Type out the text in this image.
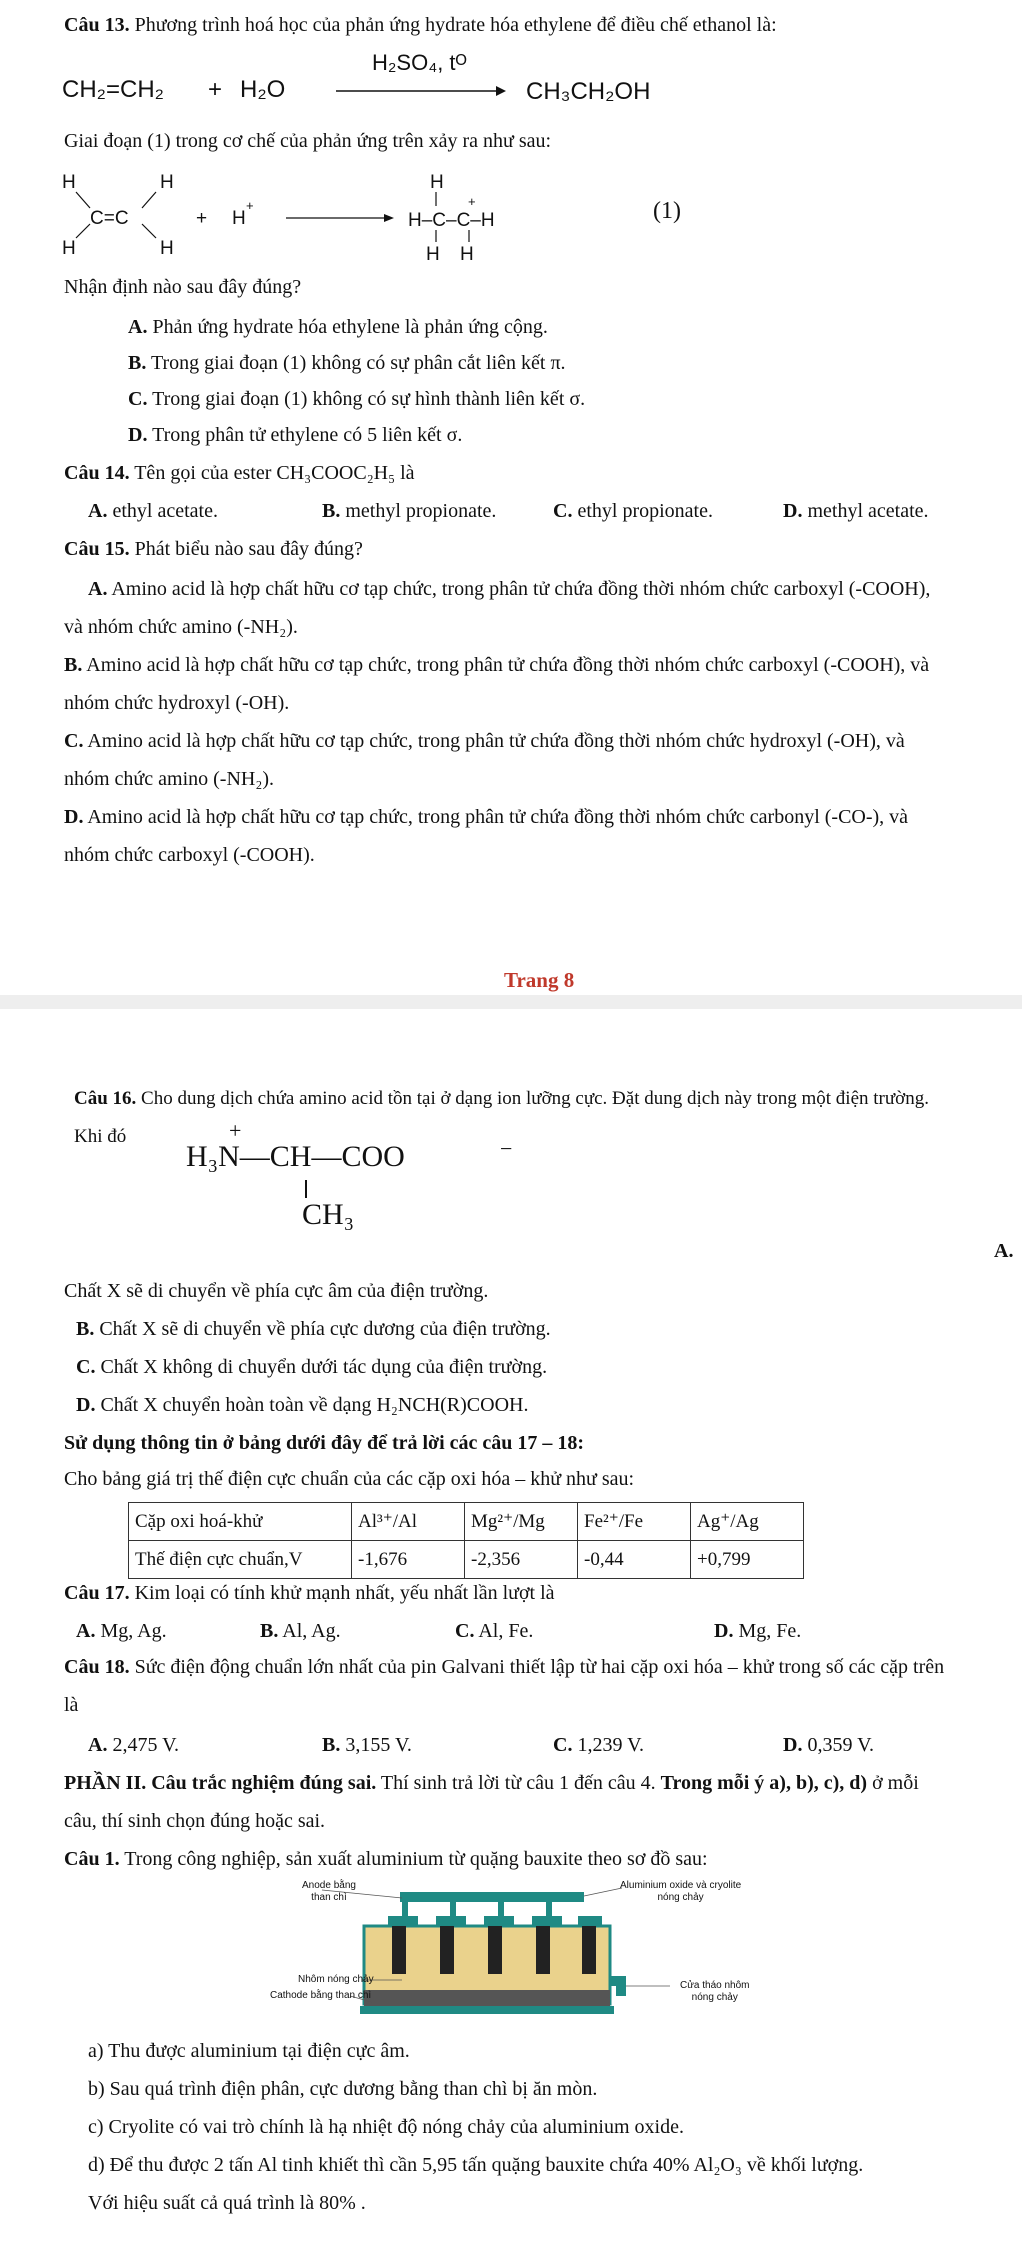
Câu 13. Phương trình hoá học của phản ứng hydrate hóa ethylene để điều chế ethanol là:
CH₂=CH₂ + H₂O
H₂SO₄, tᴼ
CH₃CH₂OH
Giai đoạn (1) trong cơ chế của phản ứng trên xảy ra như sau:
H
H
H
H
C=C	+ H
+
H–C–C–H
H
+
H H
(1)
Nhận định nào sau đây đúng?
A. Phản ứng hydrate hóa ethylene là phản ứng cộng.
B. Trong giai đoạn (1) không có sự phân cắt liên kết π.
C. Trong giai đoạn (1) không có sự hình thành liên kết σ.
D. Trong phân tử ethylene có 5 liên kết σ.
Câu 14. Tên gọi của ester CH₃COOC₂H₅ là
A. ethyl acetate.	B. methyl propionate.	C. ethyl propionate.	D. methyl acetate.
Câu 15. Phát biểu nào sau đây đúng?
A. Amino acid là hợp chất hữu cơ tạp chức, trong phân tử chứa đồng thời nhóm chức carboxyl (-COOH),
và nhóm chức amino (-NH₂).
B. Amino acid là hợp chất hữu cơ tạp chức, trong phân tử chứa đồng thời nhóm chức carboxyl (-COOH), và
nhóm chức hydroxyl (-OH).
C. Amino acid là hợp chất hữu cơ tạp chức, trong phân tử chứa đồng thời nhóm chức hydroxyl (-OH), và
nhóm chức amino (-NH₂).
D. Amino acid là hợp chất hữu cơ tạp chức, trong phân tử chứa đồng thời nhóm chức carbonyl (-CO-), và
nhóm chức carboxyl (-COOH).
Trang 8
Câu 16. Cho dung dịch chứa amino acid tồn tại ở dạng ion lưỡng cực. Đặt dung dịch này trong một điện trường.
Khi đó
H₃N—CH—COO
+
−
CH₃
A.
Chất X sẽ di chuyển về phía cực âm của điện trường.
B. Chất X sẽ di chuyển về phía cực dương của điện trường.
C. Chất X không di chuyển dưới tác dụng của điện trường.
D. Chất X chuyển hoàn toàn về dạng H₂NCH(R)COOH.
Sử dụng thông tin ở bảng dưới đây để trả lời các câu 17 – 18:
Cho bảng giá trị thế điện cực chuẩn của các cặp oxi hóa – khử như sau:
Cặp oxi hoá-khử	Al³⁺/Al	Mg²⁺/Mg	Fe²⁺/Fe	Ag⁺/Ag
Thế điện cực chuẩn,V	-1,676	-2,356	-0,44	+0,799
Câu 17. Kim loại có tính khử mạnh nhất, yếu nhất lần lượt là
A. Mg, Ag.	B. Al, Ag.	C. Al, Fe.	D. Mg, Fe.
Câu 18. Sức điện động chuẩn lớn nhất của pin Galvani thiết lập từ hai cặp oxi hóa – khử trong số các cặp trên
là
A. 2,475 V.	B. 3,155 V.	C. 1,239 V.	D. 0,359 V.
PHẦN II. Câu trắc nghiệm đúng sai. Thí sinh trả lời từ câu 1 đến câu 4. Trong mỗi ý a), b), c), d) ở mỗi
câu, thí sinh chọn đúng hoặc sai.
Câu 1. Trong công nghiệp, sản xuất aluminium từ quặng bauxite theo sơ đồ sau:
Anode bằng
than chì
Aluminium oxide và cryolite
nóng chảy
Nhôm nóng chảy
Cathode bằng than chì
Cửa tháo nhôm
nóng chảy
a) Thu được aluminium tại điện cực âm.
b) Sau quá trình điện phân, cực dương bằng than chì bị ăn mòn.
c) Cryolite có vai trò chính là hạ nhiệt độ nóng chảy của aluminium oxide.
d) Để thu được 2 tấn Al tinh khiết thì cần 5,95 tấn quặng bauxite chứa 40% Al₂O₃ về khối lượng.
Với hiệu suất cả quá trình là 80% .
